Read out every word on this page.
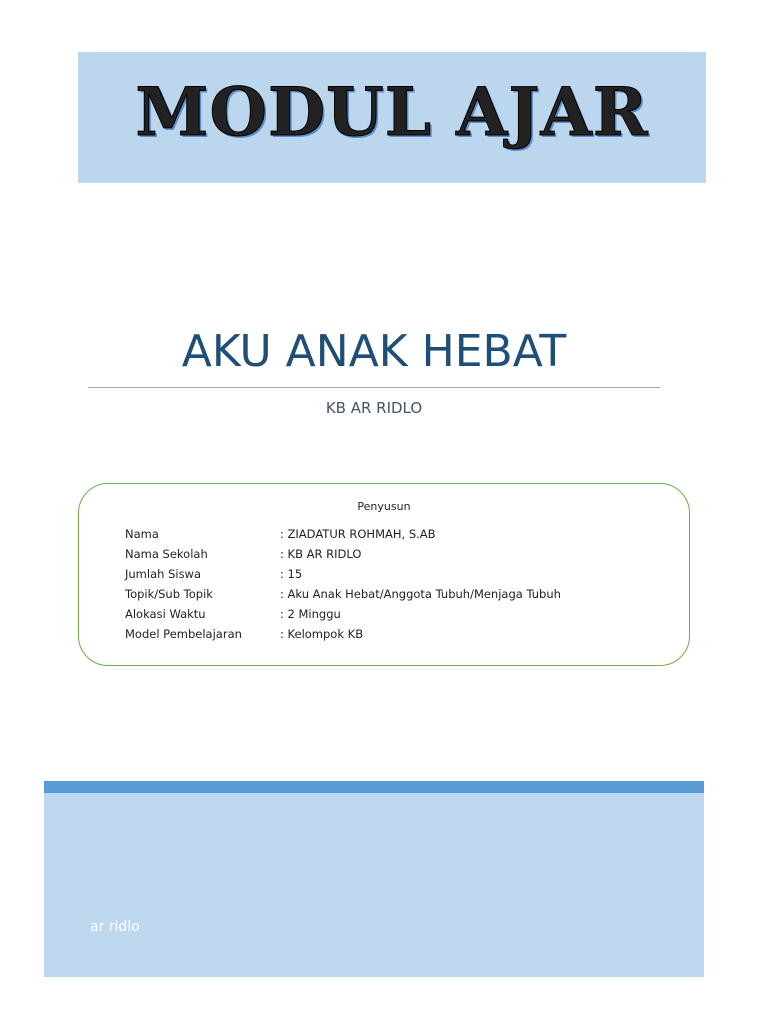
MODUL AJAR
AKU ANAK HEBAT
KB AR RIDLO
Penyusun
Nama	: ZIADATUR ROHMAH, S.AB
Nama Sekolah	: KB AR RIDLO
Jumlah Siswa	: 15
Topik/Sub Topik	: Aku Anak Hebat/Anggota Tubuh/Menjaga Tubuh
Alokasi Waktu	: 2 Minggu
Model Pembelajaran	: Kelompok KB
ar ridlo
